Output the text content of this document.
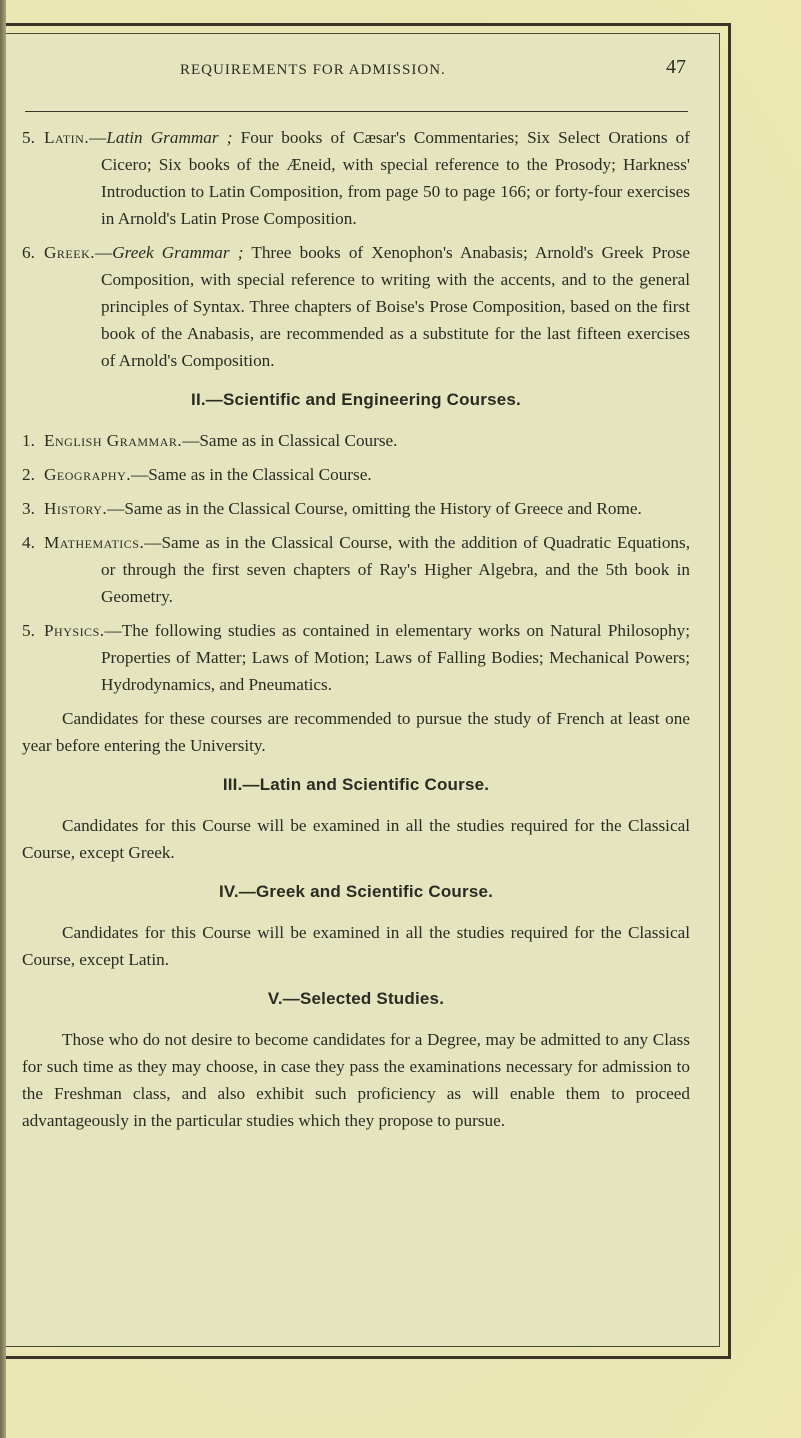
REQUIREMENTS FOR ADMISSION.	47
5. Latin.—Latin Grammar ; Four books of Cæsar's Commentaries; Six Select Orations of Cicero; Six books of the Æneid, with special reference to the Prosody; Harkness' Introduction to Latin Composition, from page 50 to page 166; or forty-four exercises in Arnold's Latin Prose Composition.
6. Greek.—Greek Grammar ; Three books of Xenophon's Anabasis; Arnold's Greek Prose Composition, with special reference to writing with the accents, and to the general principles of Syntax. Three chapters of Boise's Prose Composition, based on the first book of the Anabasis, are recommended as a substitute for the last fifteen exercises of Arnold's Composition.
II.—Scientific and Engineering Courses.
1. English Grammar.—Same as in Classical Course.
2. Geography.—Same as in the Classical Course.
3. History.—Same as in the Classical Course, omitting the History of Greece and Rome.
4. Mathematics.—Same as in the Classical Course, with the addition of Quadratic Equations, or through the first seven chapters of Ray's Higher Algebra, and the 5th book in Geometry.
5. Physics.—The following studies as contained in elementary works on Natural Philosophy; Properties of Matter; Laws of Motion; Laws of Falling Bodies; Mechanical Powers; Hydrodynamics, and Pneumatics.

Candidates for these courses are recommended to pursue the study of French at least one year before entering the University.

III.—Latin and Scientific Course.

Candidates for this Course will be examined in all the studies required for the Classical Course, except Greek.

IV.—Greek and Scientific Course.

Candidates for this Course will be examined in all the studies required for the Classical Course, except Latin.

V.—Selected Studies.

Those who do not desire to become candidates for a Degree, may be admitted to any Class for such time as they may choose, in case they pass the examinations necessary for admission to the Freshman class, and also exhibit such proficiency as will enable them to proceed advantageously in the particular studies which they propose to pursue.
